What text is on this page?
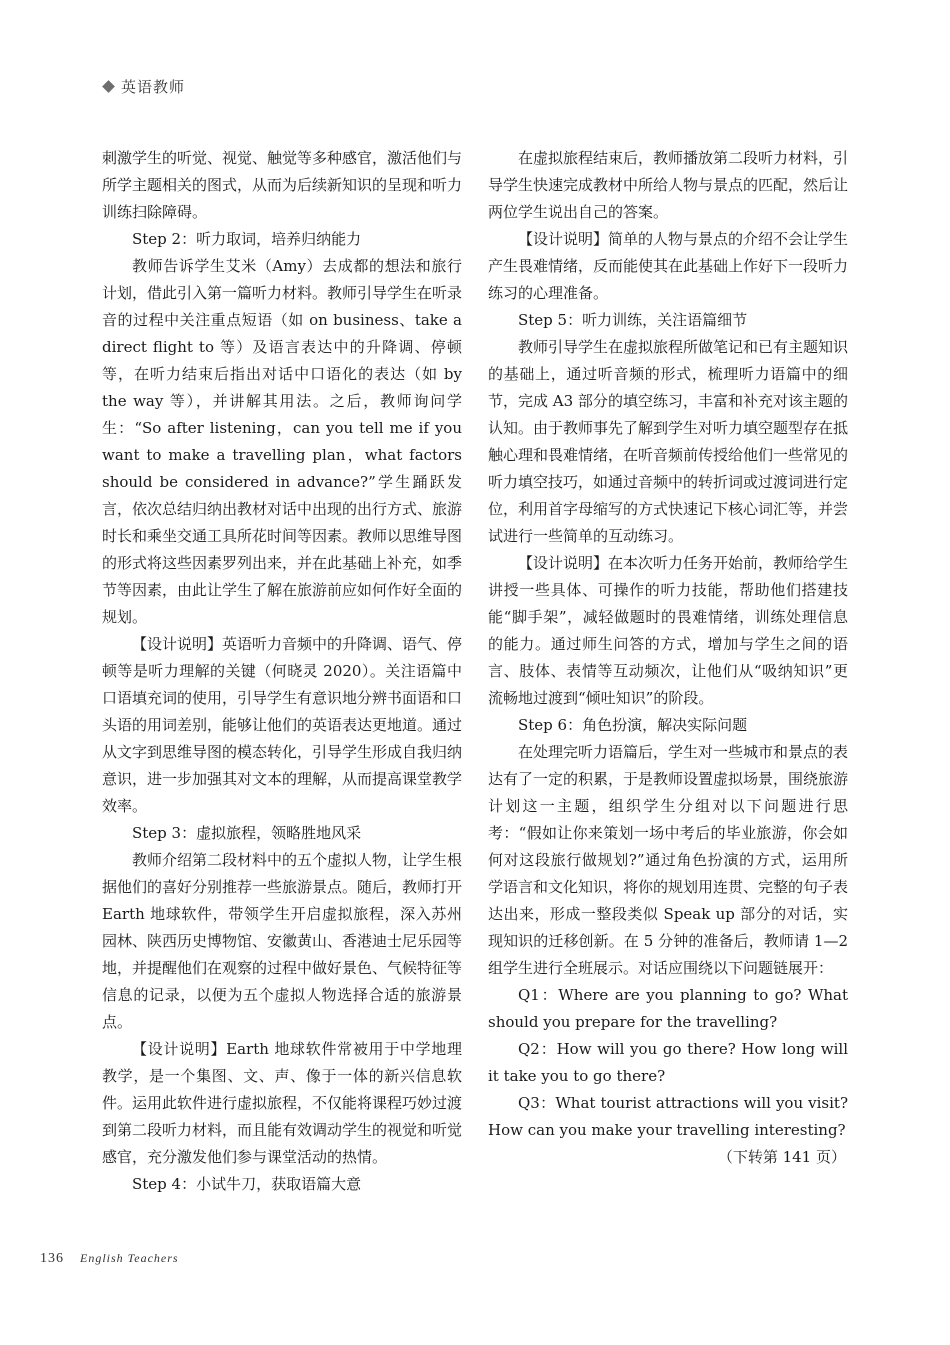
英语教师

刺激学生的听觉、视觉、触觉等多种感官，激活他们与所学主题相关的图式，从而为后续新知识的呈现和听力训练扫除障碍。

Step 2：听力取词，培养归纳能力

教师告诉学生艾米（Amy）去成都的想法和旅行计划，借此引入第一篇听力材料。教师引导学生在听录音的过程中关注重点短语（如 on business、take a direct flight to 等）及语言表达中的升降调、停顿等，在听力结束后指出对话中口语化的表达（如 by the way 等），并讲解其用法。之后，教师询问学生：“So after listening，can you tell me if you want to make a travelling plan，what factors should be considered in advance?”学生踊跃发言，依次总结归纳出教材对话中出现的出行方式、旅游时长和乘坐交通工具所花时间等因素。教师以思维导图的形式将这些因素罗列出来，并在此基础上补充，如季节等因素，由此让学生了解在旅游前应如何作好全面的规划。

【设计说明】英语听力音频中的升降调、语气、停顿等是听力理解的关键（何晓灵 2020）。关注语篇中口语填充词的使用，引导学生有意识地分辨书面语和口头语的用词差别，能够让他们的英语表达更地道。通过从文字到思维导图的模态转化，引导学生形成自我归纳意识，进一步加强其对文本的理解，从而提高课堂教学效率。

Step 3：虚拟旅程，领略胜地风采

教师介绍第二段材料中的五个虚拟人物，让学生根据他们的喜好分别推荐一些旅游景点。随后，教师打开 Earth 地球软件，带领学生开启虚拟旅程，深入苏州园林、陕西历史博物馆、安徽黄山、香港迪士尼乐园等地，并提醒他们在观察的过程中做好景色、气候特征等信息的记录，以便为五个虚拟人物选择合适的旅游景点。

【设计说明】Earth 地球软件常被用于中学地理教学，是一个集图、文、声、像于一体的新兴信息软件。运用此软件进行虚拟旅程，不仅能将课程巧妙过渡到第二段听力材料，而且能有效调动学生的视觉和听觉感官，充分激发他们参与课堂活动的热情。

Step 4：小试牛刀，获取语篇大意

在虚拟旅程结束后，教师播放第二段听力材料，引导学生快速完成教材中所给人物与景点的匹配，然后让两位学生说出自己的答案。

【设计说明】简单的人物与景点的介绍不会让学生产生畏难情绪，反而能使其在此基础上作好下一段听力练习的心理准备。

Step 5：听力训练，关注语篇细节

教师引导学生在虚拟旅程所做笔记和已有主题知识的基础上，通过听音频的形式，梳理听力语篇中的细节，完成 A3 部分的填空练习，丰富和补充对该主题的认知。由于教师事先了解到学生对听力填空题型存在抵触心理和畏难情绪，在听音频前传授给他们一些常见的听力填空技巧，如通过音频中的转折词或过渡词进行定位，利用首字母缩写的方式快速记下核心词汇等，并尝试进行一些简单的互动练习。

【设计说明】在本次听力任务开始前，教师给学生讲授一些具体、可操作的听力技能，帮助他们搭建技能“脚手架”，减轻做题时的畏难情绪，训练处理信息的能力。通过师生问答的方式，增加与学生之间的语言、肢体、表情等互动频次，让他们从“吸纳知识”更流畅地过渡到“倾吐知识”的阶段。

Step 6：角色扮演，解决实际问题

在处理完听力语篇后，学生对一些城市和景点的表达有了一定的积累，于是教师设置虚拟场景，围绕旅游计划这一主题，组织学生分组对以下问题进行思考：“假如让你来策划一场中考后的毕业旅游，你会如何对这段旅行做规划?”通过角色扮演的方式，运用所学语言和文化知识，将你的规划用连贯、完整的句子表达出来，形成一整段类似 Speak up 部分的对话，实现知识的迁移创新。在 5 分钟的准备后，教师请 1—2 组学生进行全班展示。对话应围绕以下问题链展开：

Q1：Where are you planning to go? What should you prepare for the travelling?

Q2：How will you go there? How long will it take you to go there?

Q3：What tourist attractions will you visit? How can you make your travelling interesting?

（下转第 141 页）

136 English Teachers
